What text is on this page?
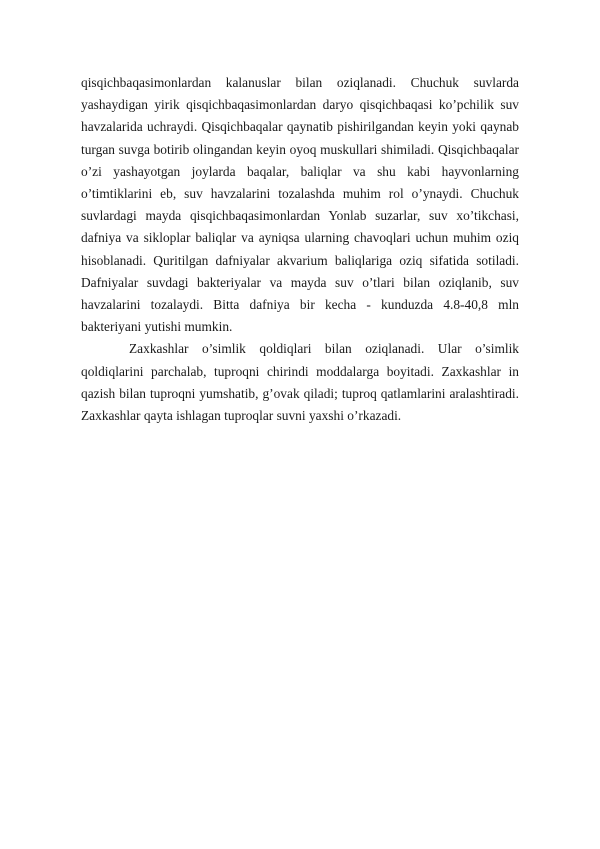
qisqichbaqasimonlardan kalanuslar bilan oziqlanadi. Chuchuk suvlarda yashaydigan yirik qisqichbaqasimonlardan daryo qisqichbaqasi ko’pchilik suv havzalarida uchraydi. Qisqichbaqalar qaynatib pishirilgandan keyin yoki qaynab turgan suvga botirib olingandan keyin oyoq muskullari shimiladi. Qisqichbaqalar o’zi yashayotgan joylarda baqalar, baliqlar va shu kabi hayvonlarning o’timtiklarini eb, suv havzalarini tozalashda muhim rol o’ynaydi. Chuchuk suvlardagi mayda qisqichbaqasimonlardan Yonlab suzarlar, suv xo’tikchasi, dafniya va sikloplar baliqlar va ayniqsa ularning chavoqlari uchun muhim oziq hisoblanadi. Quritilgan dafniyalar akvarium baliqlariga oziq sifatida sotiladi. Dafniyalar suvdagi bakteriyalar va mayda suv o’tlari bilan oziqlanib, suv havzalarini tozalaydi. Bitta dafniya bir kecha - kunduzda 4.8-40,8 mln bakteriyani yutishi mumkin.

Zaxkashlar o’simlik qoldiqlari bilan oziqlanadi. Ular o’simlik qoldiqlarini parchalab, tuproqni chirindi moddalarga boyitadi. Zaxkashlar in qazish bilan tuproqni yumshatib, g’ovak qiladi; tuproq qatlamlarini aralashtiradi. Zaxkashlar qayta ishlagan tuproqlar suvni yaxshi o’rkazadi.
